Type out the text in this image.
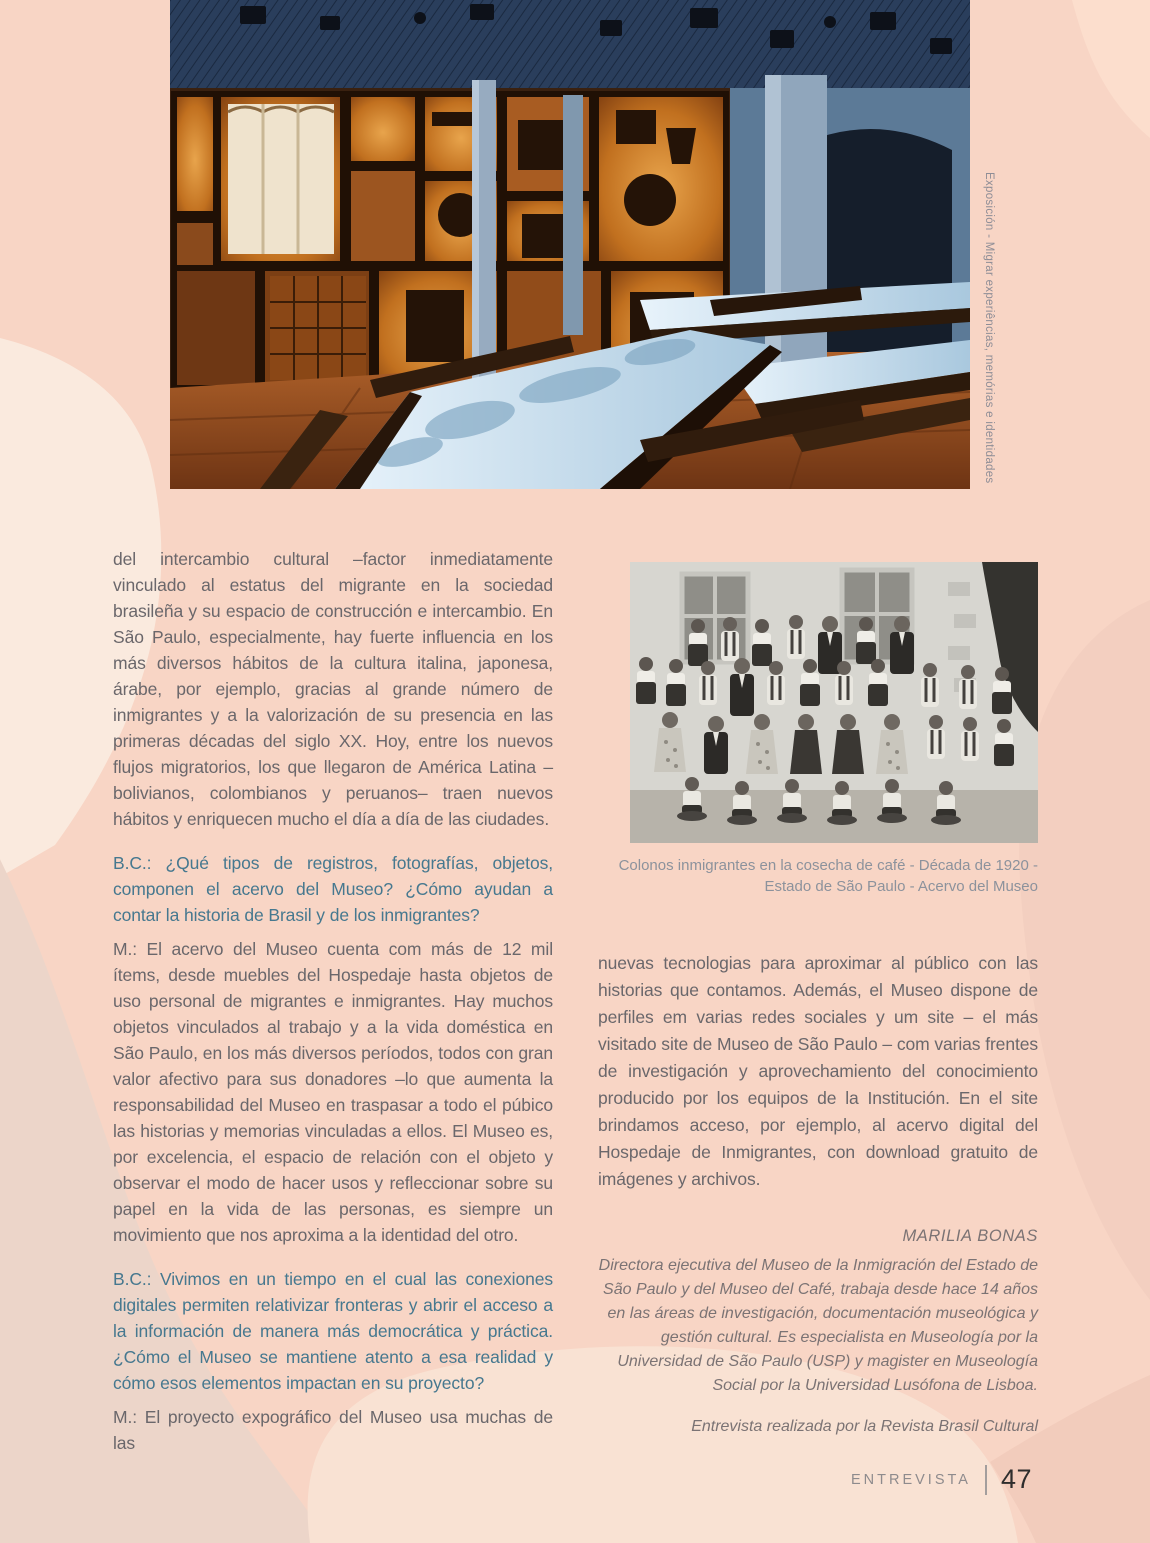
Exposición - Migrar experiências, memórias e identidades

del intercambio cultural –factor inmediatamente vinculado al estatus del migrante en la sociedad brasileña y su espacio de construcción e intercambio. En São Paulo, especialmente, hay fuerte influencia en los más diversos hábitos de la cultura italina, japonesa, árabe, por ejemplo, gracias al grande número de inmigrantes y a la valorización de su presencia en las primeras décadas del siglo XX. Hoy, entre los nuevos flujos migratorios, los que llegaron de América Latina –bolivianos, colombianos y peruanos– traen nuevos hábitos y enriquecen mucho el día a día de las ciudades.

B.C.: ¿Qué tipos de registros, fotografías, objetos, componen el acervo del Museo? ¿Cómo ayudan a contar la historia de Brasil y de los inmigrantes?

M.: El acervo del Museo cuenta com más de 12 mil ítems, desde muebles del Hospedaje hasta objetos de uso personal de migrantes e inmigrantes. Hay muchos objetos vinculados al trabajo y a la vida doméstica en São Paulo, en los más diversos períodos, todos con gran valor afectivo para sus donadores –lo que aumenta la responsabilidad del Museo en traspasar a todo el púbico las historias y memorias vinculadas a ellos. El Museo es, por excelencia, el espacio de relación con el objeto y observar el modo de hacer usos y refleccionar sobre su papel en la vida de las personas, es siempre un movimiento que nos aproxima a la identidad del otro.

B.C.: Vivimos en un tiempo en el cual las conexiones digitales permiten relativizar fronteras y abrir el acceso a la información de manera más democrática y práctica. ¿Cómo el Museo se mantiene atento a esa realidad y cómo esos elementos impactan en su proyecto?

M.: El proyecto expográfico del Museo usa muchas de las

Colonos inmigrantes en la cosecha de café - Década de 1920 - Estado de São Paulo - Acervo del Museo

nuevas tecnologias para aproximar al público con las historias que contamos. Además, el Museo dispone de perfiles em varias redes sociales y um site – el más visitado site de Museo de São Paulo – com varias frentes de investigación y aprovechamiento del conocimiento producido por los equipos de la Institución. En el site brindamos acceso, por ejemplo, al acervo digital del Hospedaje de Inmigrantes, con download gratuito de imágenes y archivos.

MARILIA BONAS

Directora ejecutiva del Museo de la Inmigración del Estado de São Paulo y del Museo del Café, trabaja desde hace 14 años en las áreas de investigación, documentación museológica y gestión cultural. Es especialista en Museología por la Universidad de São Paulo (USP) y magister en Museología Social por la Universidad Lusófona de Lisboa.

Entrevista realizada por la Revista Brasil Cultural

ENTREVISTA 47
